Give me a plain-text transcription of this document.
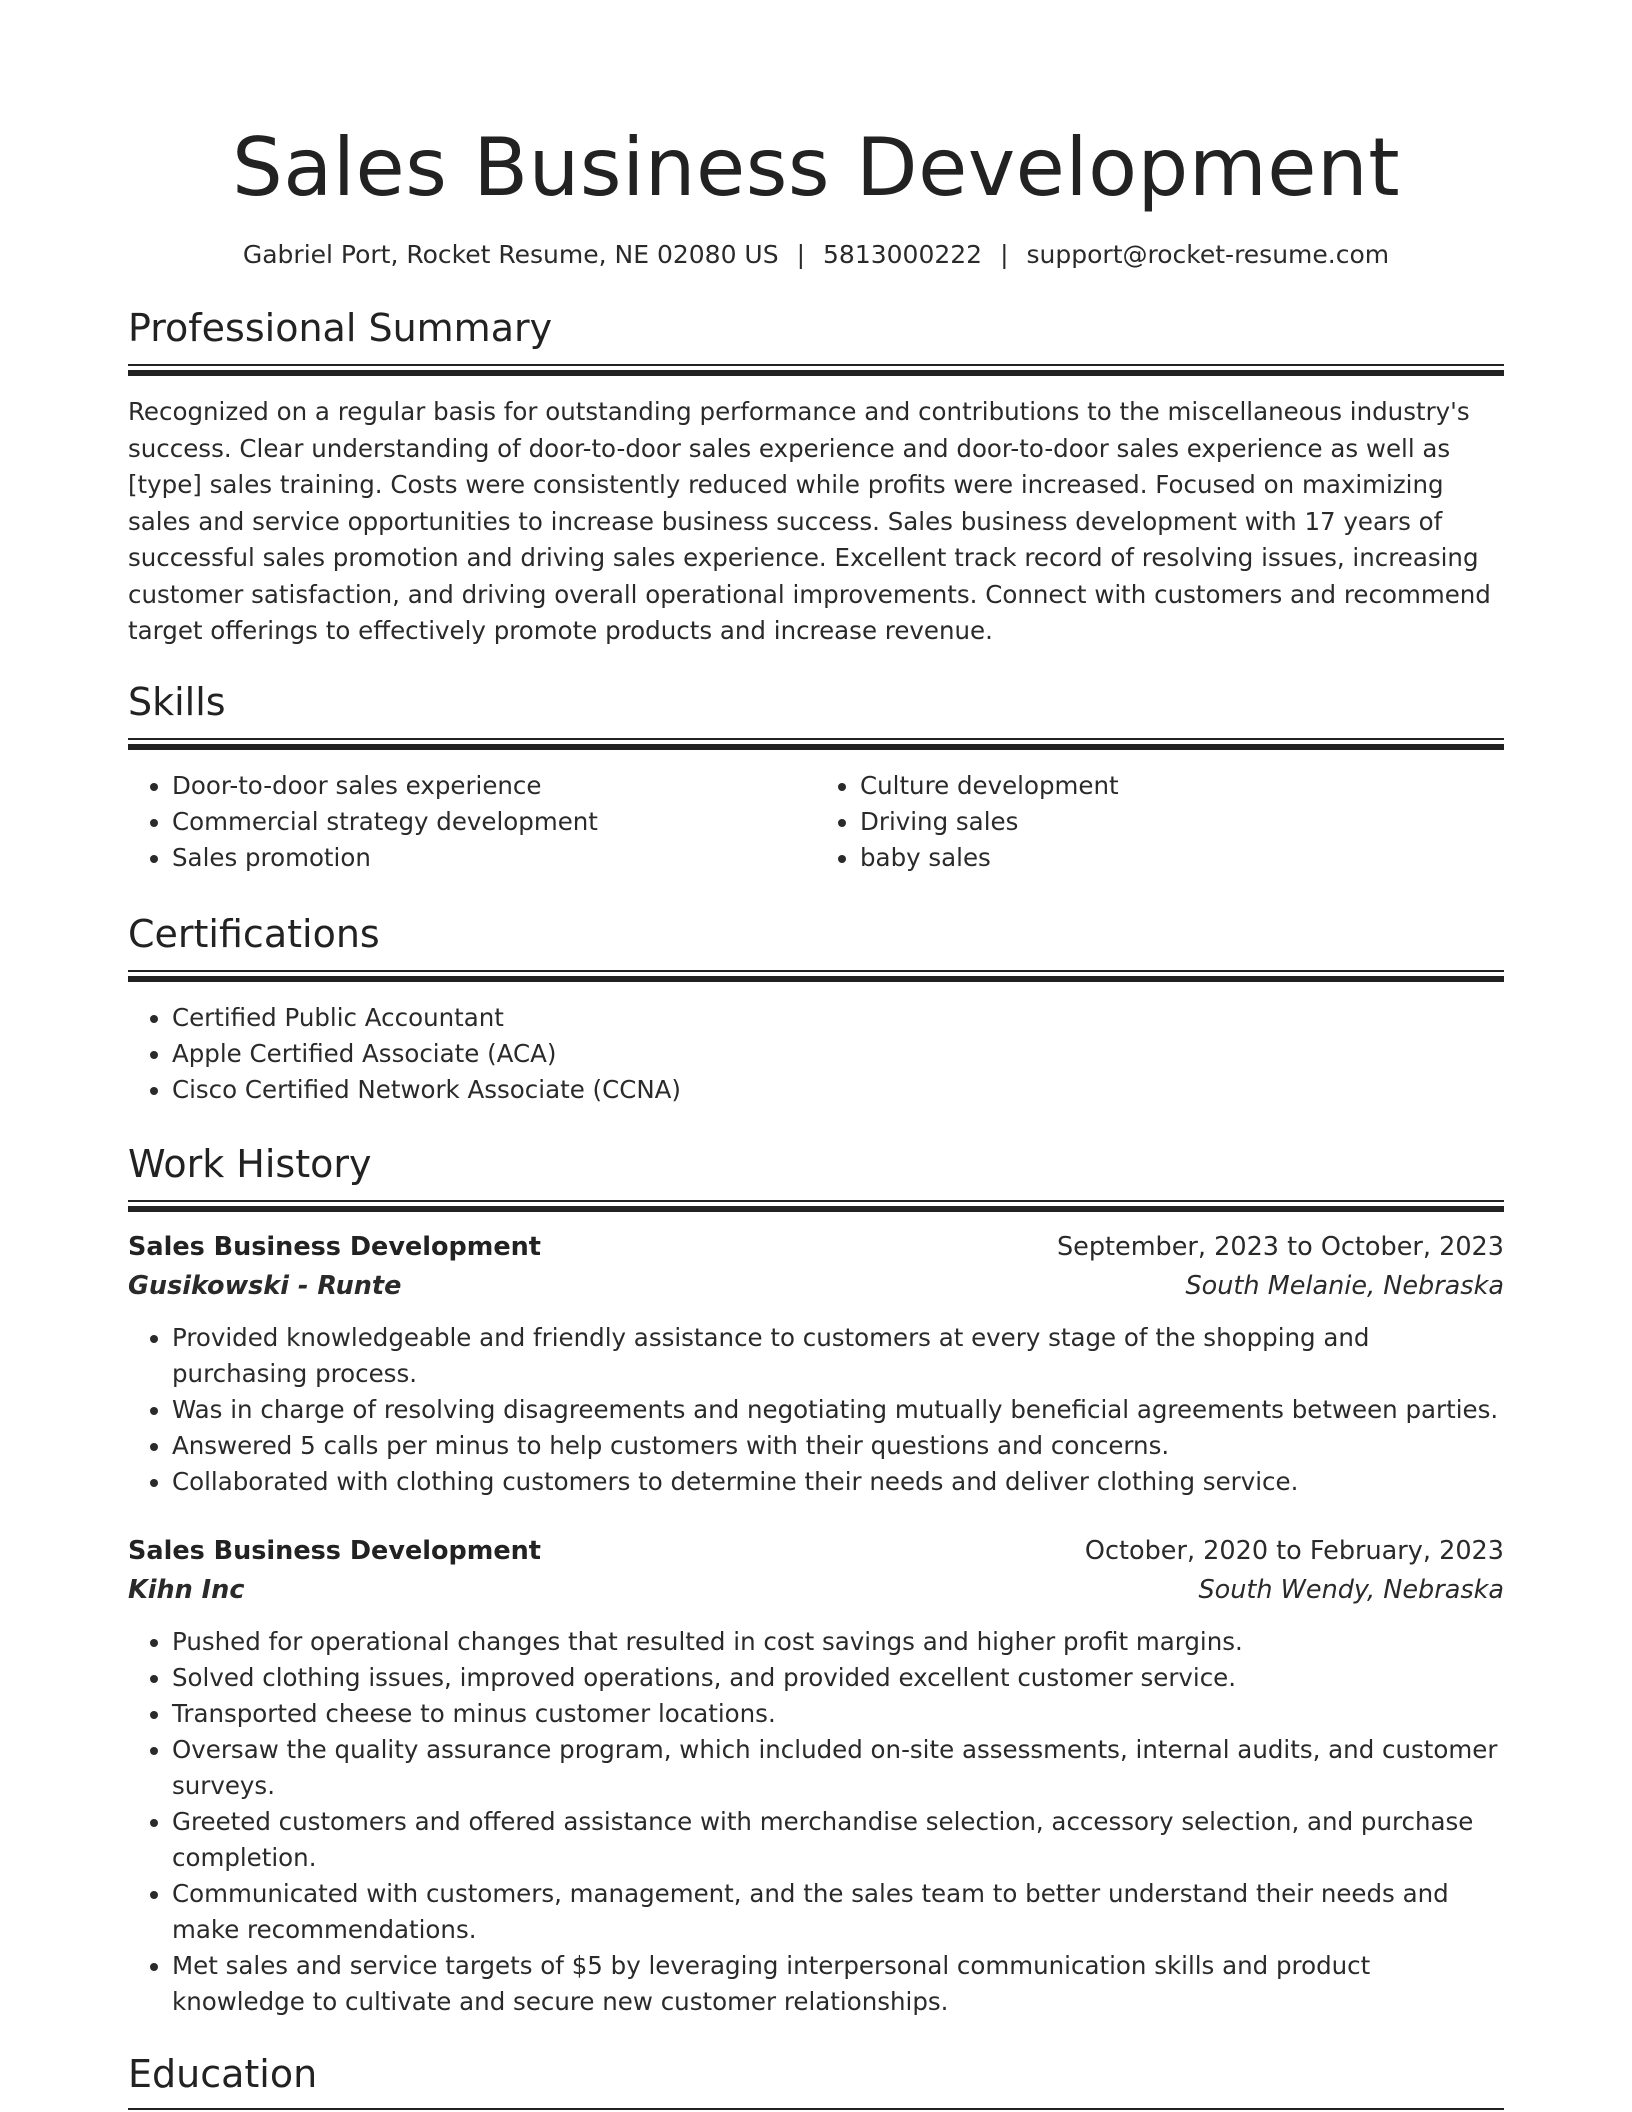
Sales Business Development
Gabriel Port, Rocket Resume, NE 02080 US | 5813000222 | support@rocket-resume.com
Professional Summary
Recognized on a regular basis for outstanding performance and contributions to the miscellaneous industry's success. Clear understanding of door-to-door sales experience and door-to-door sales experience as well as [type] sales training. Costs were consistently reduced while profits were increased. Focused on maximizing sales and service opportunities to increase business success. Sales business development with 17 years of successful sales promotion and driving sales experience. Excellent track record of resolving issues, increasing customer satisfaction, and driving overall operational improvements. Connect with customers and recommend target offerings to effectively promote products and increase revenue.
Skills
• Door-to-door sales experience
• Commercial strategy development
• Sales promotion
• Culture development
• Driving sales
• baby sales
Certifications
• Certified Public Accountant
• Apple Certified Associate (ACA)
• Cisco Certified Network Associate (CCNA)
Work History
Sales Business Development	September, 2023 to October, 2023
Gusikowski - Runte	South Melanie, Nebraska
• Provided knowledgeable and friendly assistance to customers at every stage of the shopping and purchasing process.
• Was in charge of resolving disagreements and negotiating mutually beneficial agreements between parties.
• Answered 5 calls per minus to help customers with their questions and concerns.
• Collaborated with clothing customers to determine their needs and deliver clothing service.
Sales Business Development	October, 2020 to February, 2023
Kihn Inc	South Wendy, Nebraska
• Pushed for operational changes that resulted in cost savings and higher profit margins.
• Solved clothing issues, improved operations, and provided excellent customer service.
• Transported cheese to minus customer locations.
• Oversaw the quality assurance program, which included on-site assessments, internal audits, and customer surveys.
• Greeted customers and offered assistance with merchandise selection, accessory selection, and purchase completion.
• Communicated with customers, management, and the sales team to better understand their needs and make recommendations.
• Met sales and service targets of $5 by leveraging interpersonal communication skills and product knowledge to cultivate and secure new customer relationships.
Education
